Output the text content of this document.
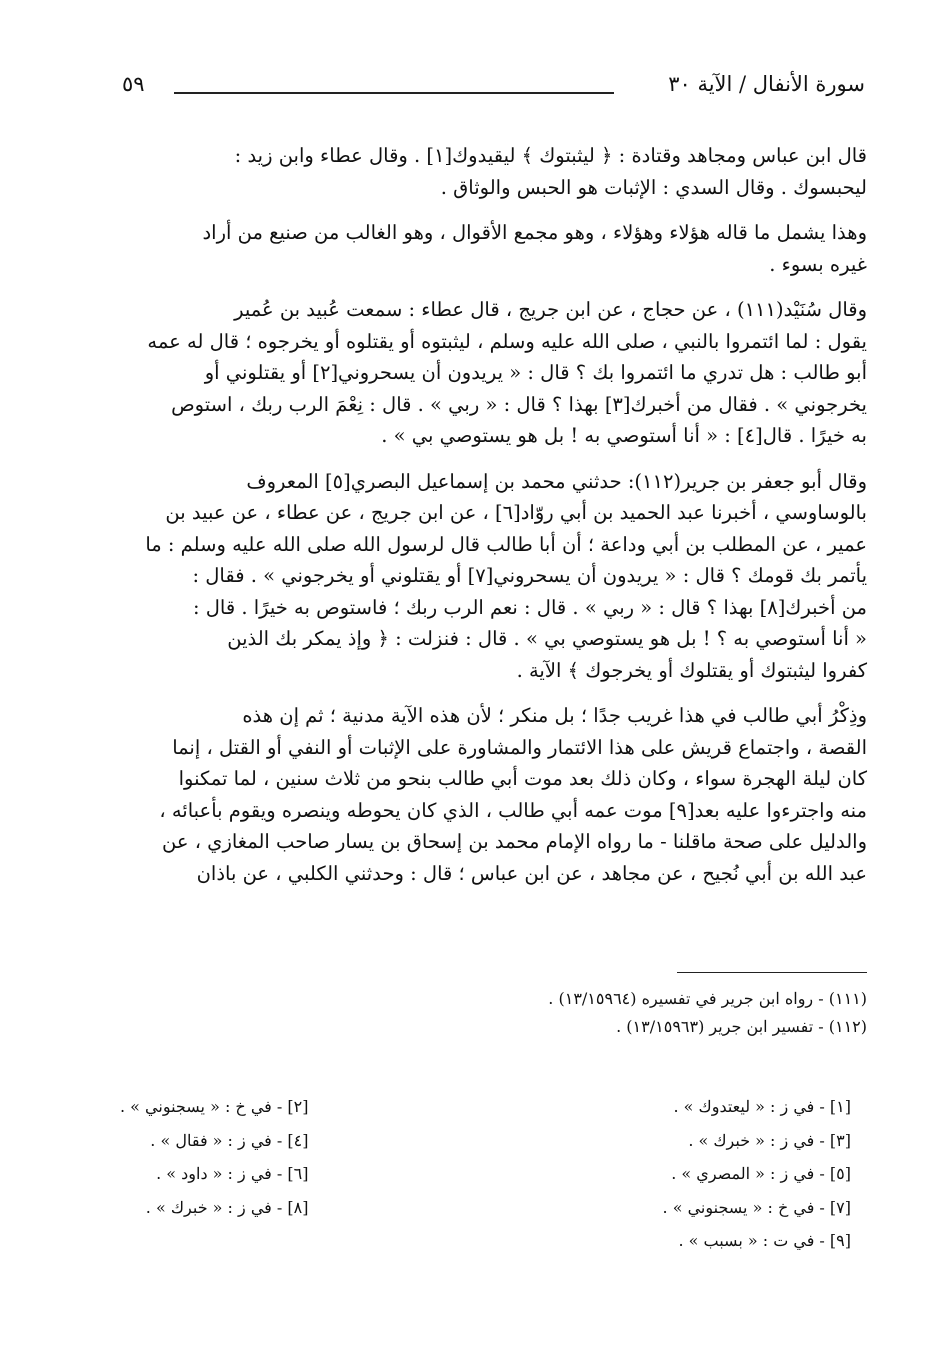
سورة الأنفال / الآية ٣٠
٥٩

قال ابن عباس ومجاهد وقتادة : ﴿ ليثبتوك ﴾ ليقيدوك[١] . وقال عطاء وابن زيد :

ليحبسوك . وقال السدي : الإثبات هو الحبس والوثاق .

وهذا يشمل ما قاله هؤلاء وهؤلاء ، وهو مجمع الأقوال ، وهو الغالب من صنيع من أراد

غيره بسوء .

وقال سُنَيْد(١١١) ، عن حجاج ، عن ابن جريج ، قال عطاء : سمعت عُبيد بن عُمير

يقول : لما ائتمروا بالنبي ، صلى الله عليه وسلم ، ليثبتوه أو يقتلوه أو يخرجوه ؛ قال له عمه

أبو طالب : هل تدري ما ائتمروا بك ؟ قال : « يريدون أن يسحروني[٢] أو يقتلوني أو

يخرجوني » . فقال من أخبرك[٣] بهذا ؟ قال : « ربي » . قال : نِعْمَ الرب ربك ، استوص

به خيرًا . قال[٤] : « أنا أستوصي به ! بل هو يستوصي بي » .

وقال أبو جعفر بن جرير(١١٢): حدثني محمد بن إسماعيل البصري[٥] المعروف

بالوساوسي ، أخبرنا عبد الحميد بن أبي روّاد[٦] ، عن ابن جريج ، عن عطاء ، عن عبيد بن

عمير ، عن المطلب بن أبي وداعة ؛ أن أبا طالب قال لرسول الله صلى الله عليه وسلم : ما

يأتمر بك قومك ؟ قال : « يريدون أن يسحروني[٧] أو يقتلوني أو يخرجوني » . فقال :

من أخبرك[٨] بهذا ؟ قال : « ربي » . قال : نعم الرب ربك ؛ فاستوص به خيرًا . قال :

« أنا أستوصي به ؟ ! بل هو يستوصي بي » . قال : فنزلت : ﴿ وإذ يمكر بك الذين

كفروا ليثبتوك أو يقتلوك أو يخرجوك ﴾ الآية .

وذِكْرُ أبي طالب في هذا غريب جدًا ؛ بل منكر ؛ لأن هذه الآية مدنية ؛ ثم إن هذه

القصة ، واجتماع قريش على هذا الائتمار والمشاورة على الإثبات أو النفي أو القتل ، إنما

كان ليلة الهجرة سواء ، وكان ذلك بعد موت أبي طالب بنحو من ثلاث سنين ، لما تمكنوا

منه واجترءوا عليه بعد[٩] موت عمه أبي طالب ، الذي كان يحوطه وينصره ويقوم بأعبائه ،

والدليل على صحة ماقلنا - ما رواه الإمام محمد بن إسحاق بن يسار صاحب المغازي ، عن

عبد الله بن أبي نُجيح ، عن مجاهد ، عن ابن عباس ؛ قال : وحدثني الكلبي ، عن باذان

(١١١) - رواه ابن جرير في تفسيره (١٣/١٥٩٦٤) .
(١١٢) - تفسير ابن جرير (١٣/١٥٩٦٣) .
[١] - في ز : « ليعتدوك » .
[٣] - في ز : « خبرك » .
[٥] - في ز : « المصري » .
[٧] - في خ : « يسجنوني » .
[٩] - في ت : « بسبب » .
[٢] - في خ : « يسجنوني » .
[٤] - في ز : « فقال » .
[٦] - في ز : « داود » .
[٨] - في ز : « خبرك » .
